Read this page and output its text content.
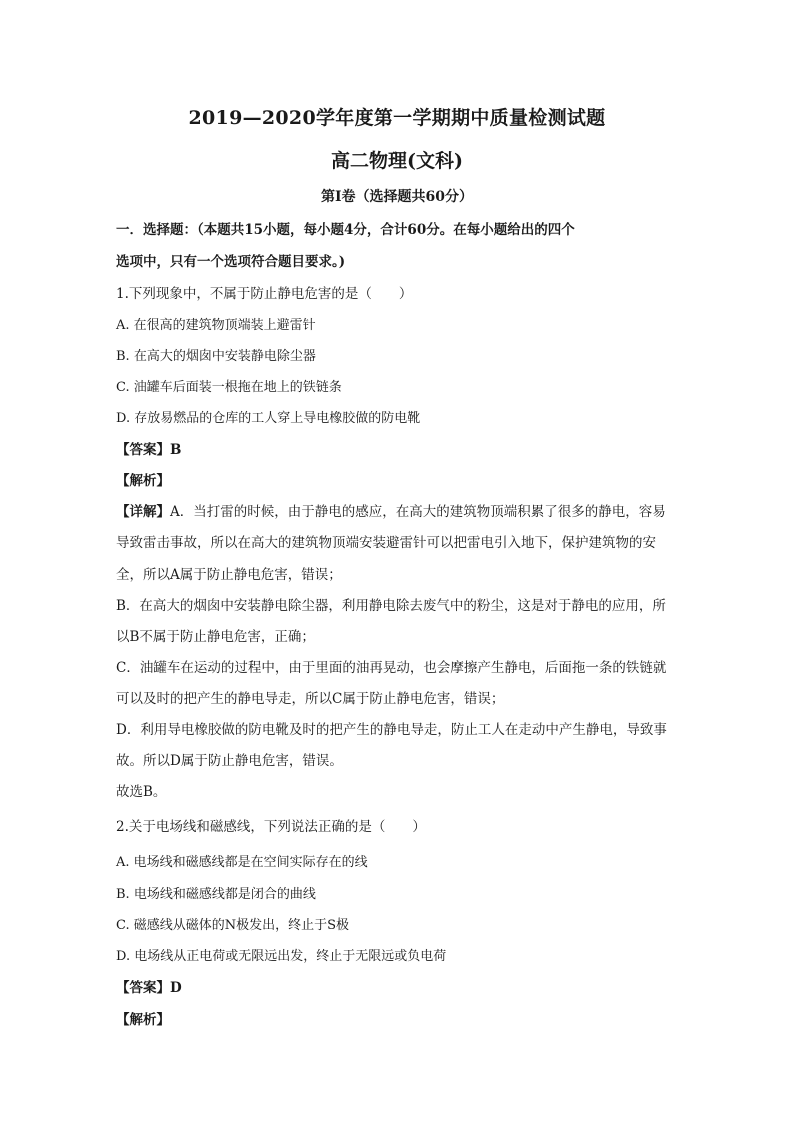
2019—2020学年度第一学期期中质量检测试题
高二物理(文科)
第I卷（选择题共60分）
一．选择题：（本题共15小题，每小题4分，合计60分。在每小题给出的四个
选项中，只有一个选项符合题目要求。)
1.下列现象中，不属于防止静电危害的是（　　）
A. 在很高的建筑物顶端装上避雷针
B. 在高大的烟囱中安装静电除尘器
C. 油罐车后面装一根拖在地上的铁链条
D. 存放易燃品的仓库的工人穿上导电橡胶做的防电靴
【答案】B
【解析】
【详解】A．当打雷的时候，由于静电的感应，在高大的建筑物顶端积累了很多的静电，容易
导致雷击事故，所以在高大的建筑物顶端安装避雷针可以把雷电引入地下，保护建筑物的安
全，所以A属于防止静电危害，错误；
B．在高大的烟囱中安装静电除尘器，利用静电除去废气中的粉尘，这是对于静电的应用，所
以B不属于防止静电危害，正确；
C．油罐车在运动的过程中，由于里面的油再晃动，也会摩擦产生静电，后面拖一条的铁链就
可以及时的把产生的静电导走，所以C属于防止静电危害，错误；
D．利用导电橡胶做的防电靴及时的把产生的静电导走，防止工人在走动中产生静电，导致事
故。所以D属于防止静电危害，错误。
故选B。
2.关于电场线和磁感线，下列说法正确的是（　　）
A. 电场线和磁感线都是在空间实际存在的线
B. 电场线和磁感线都是闭合的曲线
C. 磁感线从磁体的N极发出，终止于S极
D. 电场线从正电荷或无限远出发，终止于无限远或负电荷
【答案】D
【解析】
